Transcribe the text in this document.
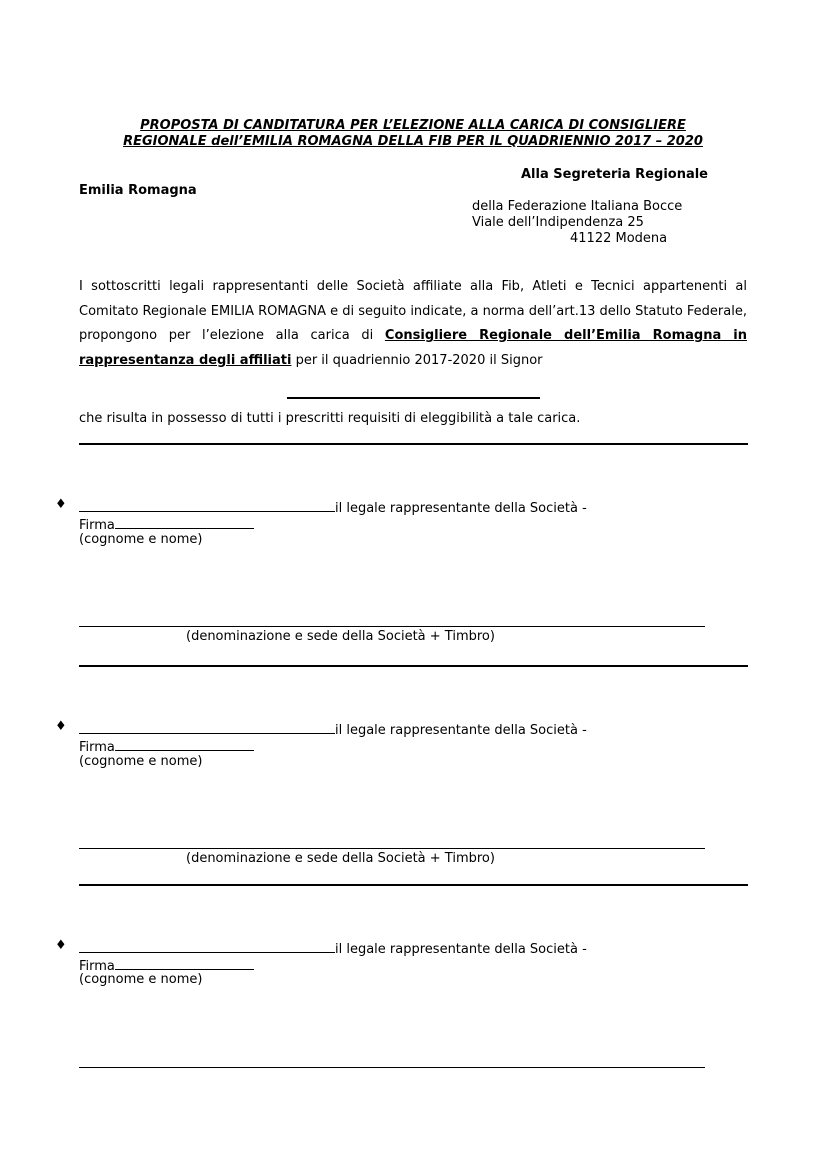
PROPOSTA DI CANDITATURA PER L’ELEZIONE ALLA CARICA DI CONSIGLIERE
REGIONALE dell’EMILIA ROMAGNA DELLA FIB PER IL QUADRIENNIO 2017 – 2020
Alla Segreteria Regionale
Emilia Romagna
della Federazione Italiana Bocce
Viale dell’Indipendenza 25
41122 Modena
I sottoscritti legali rappresentanti delle Società affiliate alla Fib, Atleti e Tecnici appartenenti al Comitato Regionale EMILIA ROMAGNA e di seguito indicate, a norma dell’art.13 dello Statuto Federale, propongono per l’elezione alla carica di Consigliere Regionale dell’Emilia Romagna in rappresentanza degli affiliati per il quadriennio 2017-2020 il Signor
che risulta in possesso di tutti i prescritti requisiti di eleggibilità a tale carica.
♦	il legale rappresentante della Società -
Firma
(cognome e nome)
(denominazione e sede della Società + Timbro)
♦	il legale rappresentante della Società -
Firma
(cognome e nome)
(denominazione e sede della Società + Timbro)
♦	il legale rappresentante della Società -
Firma
(cognome e nome)
